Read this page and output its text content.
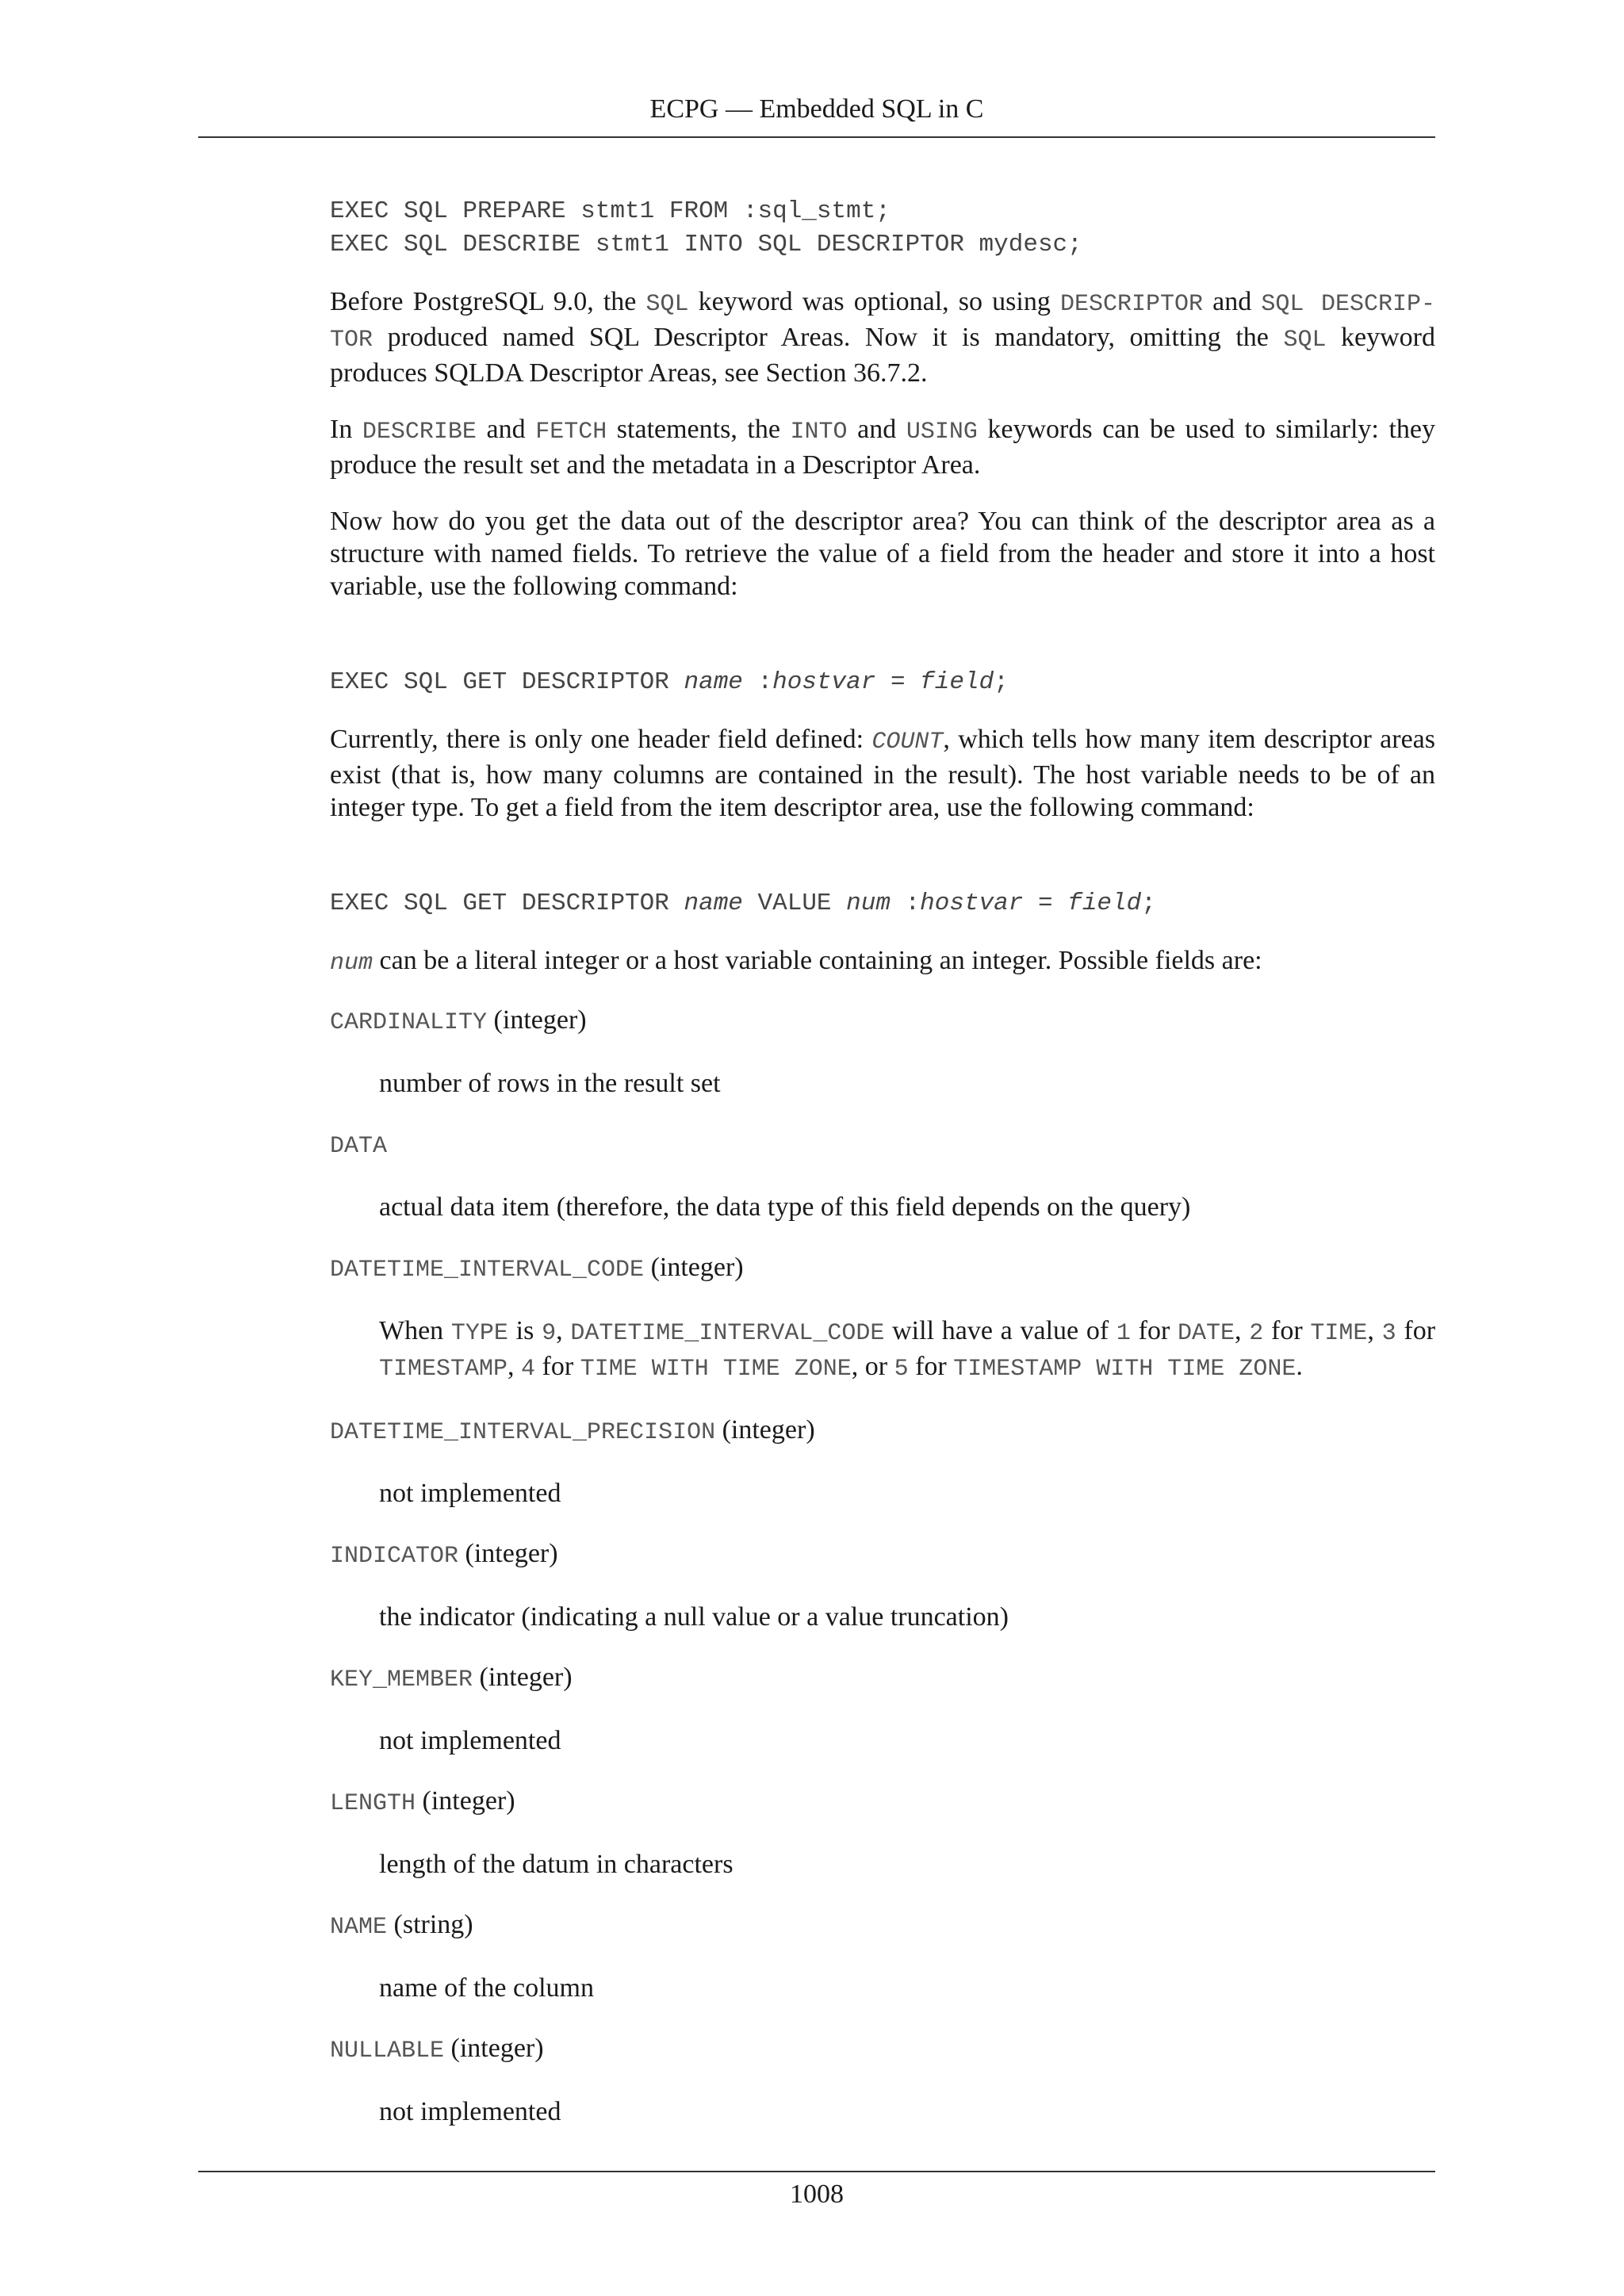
ECPG — Embedded SQL in C
EXEC SQL PREPARE stmt1 FROM :sql_stmt;
EXEC SQL DESCRIBE stmt1 INTO SQL DESCRIPTOR mydesc;

Before PostgreSQL 9.0, the SQL keyword was optional, so using DESCRIPTOR and SQL DESCRIP-TOR produced named SQL Descriptor Areas. Now it is mandatory, omitting the SQL keyword produces SQLDA Descriptor Areas, see Section 36.7.2.

In DESCRIBE and FETCH statements, the INTO and USING keywords can be used to similarly: they produce the result set and the metadata in a Descriptor Area.

Now how do you get the data out of the descriptor area? You can think of the descriptor area as a structure with named fields. To retrieve the value of a field from the header and store it into a host variable, use the following command:

EXEC SQL GET DESCRIPTOR name :hostvar = field;

Currently, there is only one header field defined: COUNT, which tells how many item descriptor areas exist (that is, how many columns are contained in the result). The host variable needs to be of an integer type. To get a field from the item descriptor area, use the following command:

EXEC SQL GET DESCRIPTOR name VALUE num :hostvar = field;

num can be a literal integer or a host variable containing an integer. Possible fields are:

CARDINALITY (integer)
number of rows in the result set
DATA
actual data item (therefore, the data type of this field depends on the query)
DATETIME_INTERVAL_CODE (integer)
When TYPE is 9, DATETIME_INTERVAL_CODE will have a value of 1 for DATE, 2 for TIME, 3 for TIMESTAMP, 4 for TIME WITH TIME ZONE, or 5 for TIMESTAMP WITH TIME ZONE.
DATETIME_INTERVAL_PRECISION (integer)
not implemented
INDICATOR (integer)
the indicator (indicating a null value or a value truncation)
KEY_MEMBER (integer)
not implemented
LENGTH (integer)
length of the datum in characters
NAME (string)
name of the column
NULLABLE (integer)
not implemented
1008
